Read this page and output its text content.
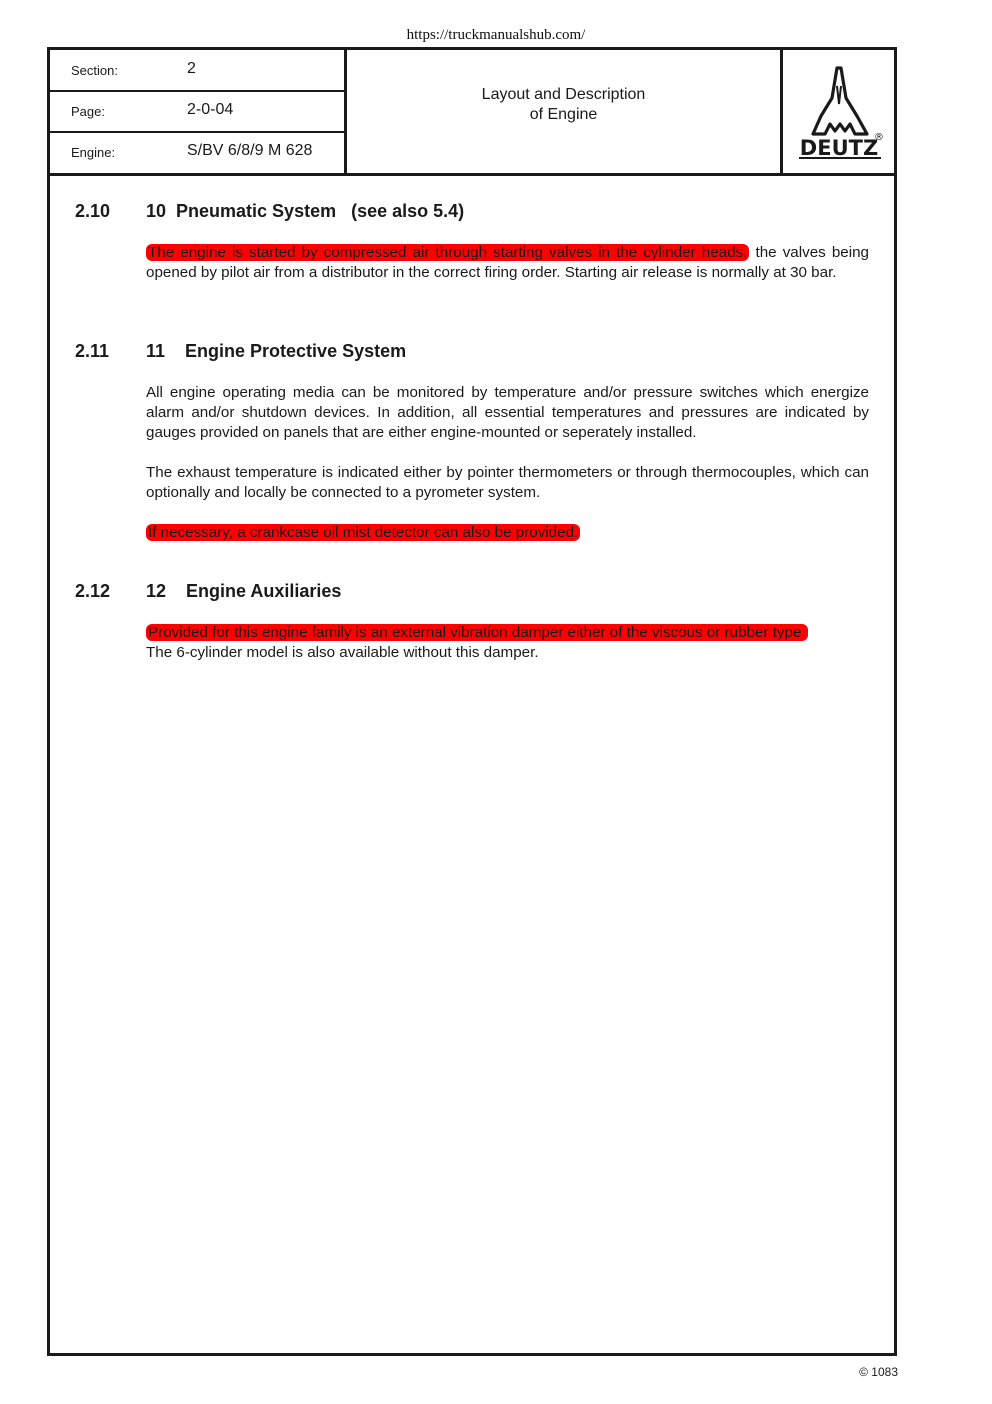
https://truckmanualshub.com/
Section:	2
Page:	2-0-04
Engine:	S/BV 6/8/9 M 628
Layout and Description
of Engine
DEUTZ
®
2.10 10  Pneumatic System   (see also 5.4)
The engine is started by compressed air through starting valves in the cylinder heads, the valves being opened by pilot air from a distributor in the correct firing order. Starting air release is normally at 30 bar.
2.11 11    Engine Protective System
All engine operating media can be monitored by temperature and/or pressure switches which energize alarm and/or shutdown devices. In addition, all essential temperatures and pressures are indicated by gauges provided on panels that are either engine-mounted or seperately installed.
The exhaust temperature is indicated either by pointer thermometers or through thermocouples, which can optionally and locally be connected to a pyrometer system.
If necessary, a crankcase oil mist detector can also be provided.
2.12 12    Engine Auxiliaries
Provided for this engine family is an external vibration damper either of the viscous or rubber type.
The 6-cylinder model is also available without this damper.
© 1083
